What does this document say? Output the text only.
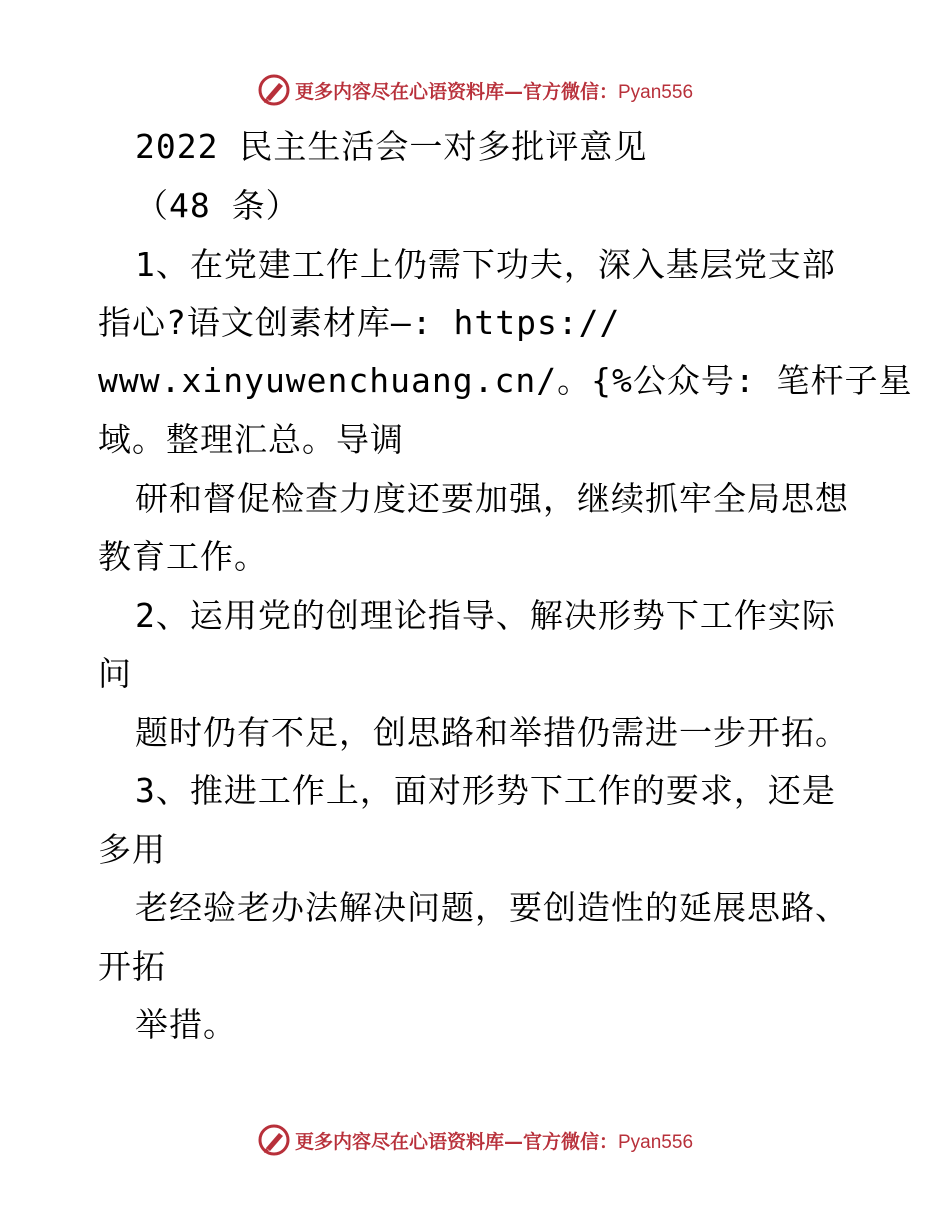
更多内容尽在心语资料库—官方微信：Pyan556
2022 民主生活会一对多批评意见
（48 条）
1、在党建工作上仍需下功夫，深入基层党支部
指心?语文创素材库—: https://
www.xinyuwenchuang.cn/。{%公众号: 笔杆子星
域。整理汇总。导调
研和督促检查力度还要加强，继续抓牢全局思想
教育工作。
2、运用党的创理论指导、解决形势下工作实际
问
题时仍有不足，创思路和举措仍需进一步开拓。
3、推进工作上，面对形势下工作的要求，还是
多用
老经验老办法解决问题，要创造性的延展思路、
开拓
举措。
更多内容尽在心语资料库—官方微信：Pyan556
